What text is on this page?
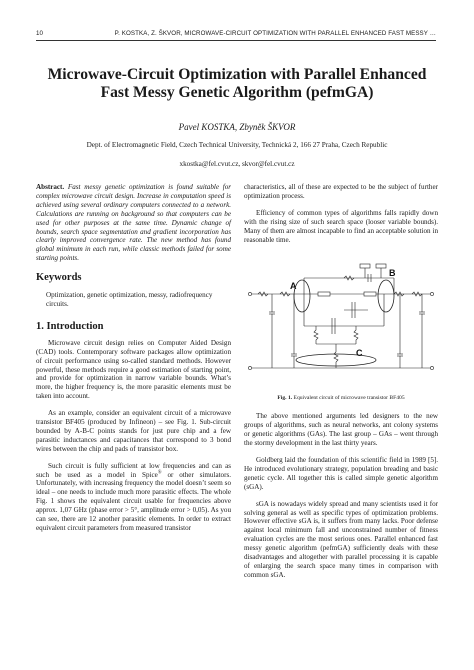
10	P. KOSTKA, Z. ŠKVOR, MICROWAVE-CIRCUIT OPTIMIZATION WITH PARALLEL ENHANCED FAST MESSY …
Microwave-Circuit Optimization with Parallel Enhanced
Fast Messy Genetic Algorithm (pefmGA)
Pavel KOSTKA, Zbyněk ŠKVOR
Dept. of Electromagnetic Field, Czech Technical University, Technická 2, 166 27 Praha, Czech Republic
xkostka@fel.cvut.cz, skvor@fel.cvut.cz

Abstract. Fast messy genetic optimization is found suitable for complex microwave circuit design. Increase in computation speed is achieved using several ordinary computers connected to a network. Calculations are running on background so that computers can be used for other purposes at the same time. Dynamic change of bounds, search space segmentation and gradient incorporation has clearly improved convergence rate. The new method has found global minimum in each run, while classic methods failed for some starting points.

Keywords

Optimization, genetic optimization, messy, radiofrequency circuits.

1. Introduction

Microwave circuit design relies on Computer Aided Design (CAD) tools. Contemporary software packages allow optimization of circuit performance using so-called standard methods. However powerful, these methods require a good estimation of starting point, and provide for optimization in narrow variable bounds. What’s more, the higher frequency is, the more parasitic elements must be taken into account.

As an example, consider an equivalent circuit of a microwave transistor BF405 (produced by Infineon) – see Fig. 1. Sub-circuit bounded by A-B-C points stands for just pure chip and a few parasitic inductances and capacitances that correspond to 3 bond wires between the chip and pads of transistor box.

Such circuit is fully sufficient at low frequencies and can as such be used as a model in Spice® or other simulators. Unfortunately, with increasing frequency the model doesn’t seem so ideal – one needs to include much more parasitic effects. The whole Fig. 1 shows the equivalent circuit usable for frequencies above approx. 1,07 GHz (phase error > 5°, amplitude error > 0,05). As you can see, there are 12 another parasitic elements. In order to extract equivalent circuit parameters from measured transistor

characteristics, all of these are expected to be the subject of further optimization process.

Efficiency of common types of algorithms falls rapidly down with the rising size of such search space (looser variable bounds). Many of them are almost incapable to find an acceptable solution in reasonable time.

A
B
C
Fig. 1. Equivalent circuit of microwave transistor BF405

The above mentioned arguments led designers to the new groups of algorithms, such as neural networks, ant colony systems or genetic algorithms (GAs). The last group – GAs – went through the stormy development in the last thirty years.

Goldberg laid the foundation of this scientific field in 1989 [5]. He introduced evolutionary strategy, population breading and basic genetic cycle. All together this is called simple genetic algorithm (sGA).

sGA is nowadays widely spread and many scientists used it for solving general as well as specific types of optimization problems. However effective sGA is, it suffers from many lacks. Poor defense against local minimum fall and unconstrained number of fitness evaluation cycles are the most serious ones. Parallel enhanced fast messy genetic algorithm (pefmGA) sufficiently deals with these disadvantages and altogether with parallel processing it is capable of enlarging the search space many times in comparison with common sGA.
